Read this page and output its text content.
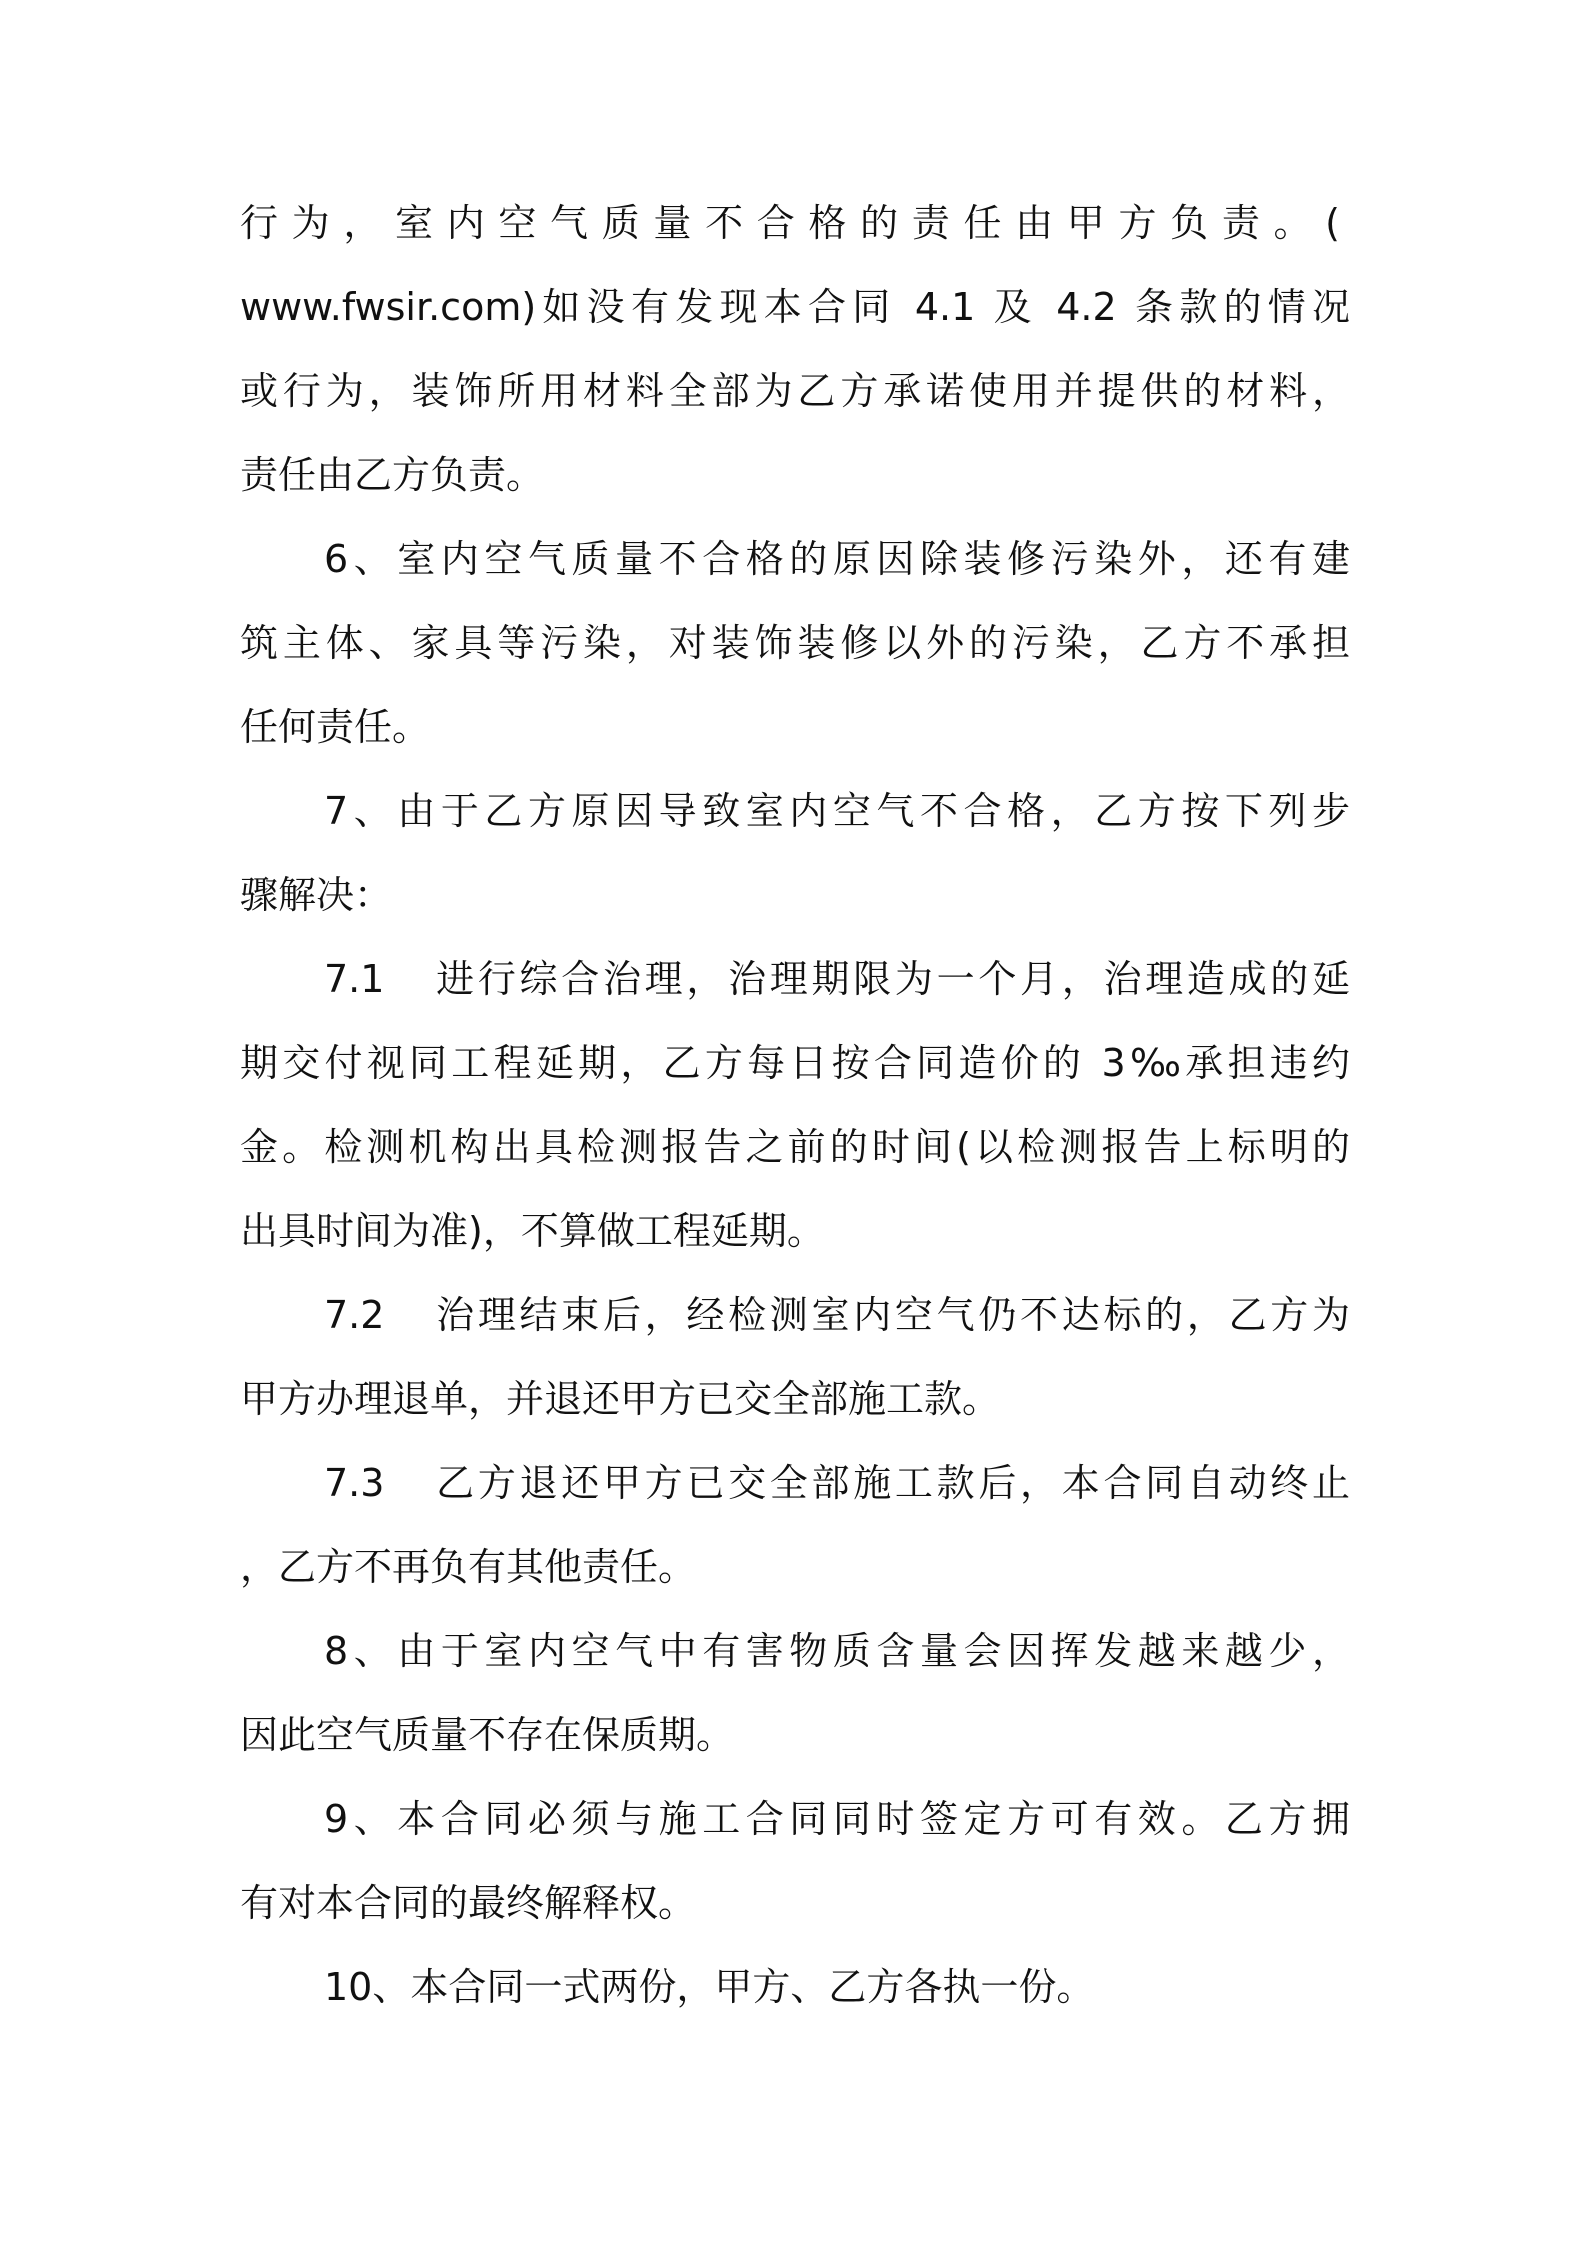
行为，室内空气质量不合格的责任由甲方负责。(
www.fwsir.com)如没有发现本合同 4.1 及 4.2 条款的情况
或行为，装饰所用材料全部为乙方承诺使用并提供的材料，
责任由乙方负责。
6、室内空气质量不合格的原因除装修污染外，还有建
筑主体、家具等污染，对装饰装修以外的污染，乙方不承担
任何责任。
7、由于乙方原因导致室内空气不合格，乙方按下列步
骤解决：
7.1 进行综合治理，治理期限为一个月，治理造成的延
期交付视同工程延期，乙方每日按合同造价的 3‰承担违约
金。检测机构出具检测报告之前的时间(以检测报告上标明的
出具时间为准)，不算做工程延期。
7.2 治理结束后，经检测室内空气仍不达标的，乙方为
甲方办理退单，并退还甲方已交全部施工款。
7.3 乙方退还甲方已交全部施工款后，本合同自动终止
，乙方不再负有其他责任。
8、由于室内空气中有害物质含量会因挥发越来越少，
因此空气质量不存在保质期。
9、本合同必须与施工合同同时签定方可有效。乙方拥
有对本合同的最终解释权。
10、本合同一式两份，甲方、乙方各执一份。
